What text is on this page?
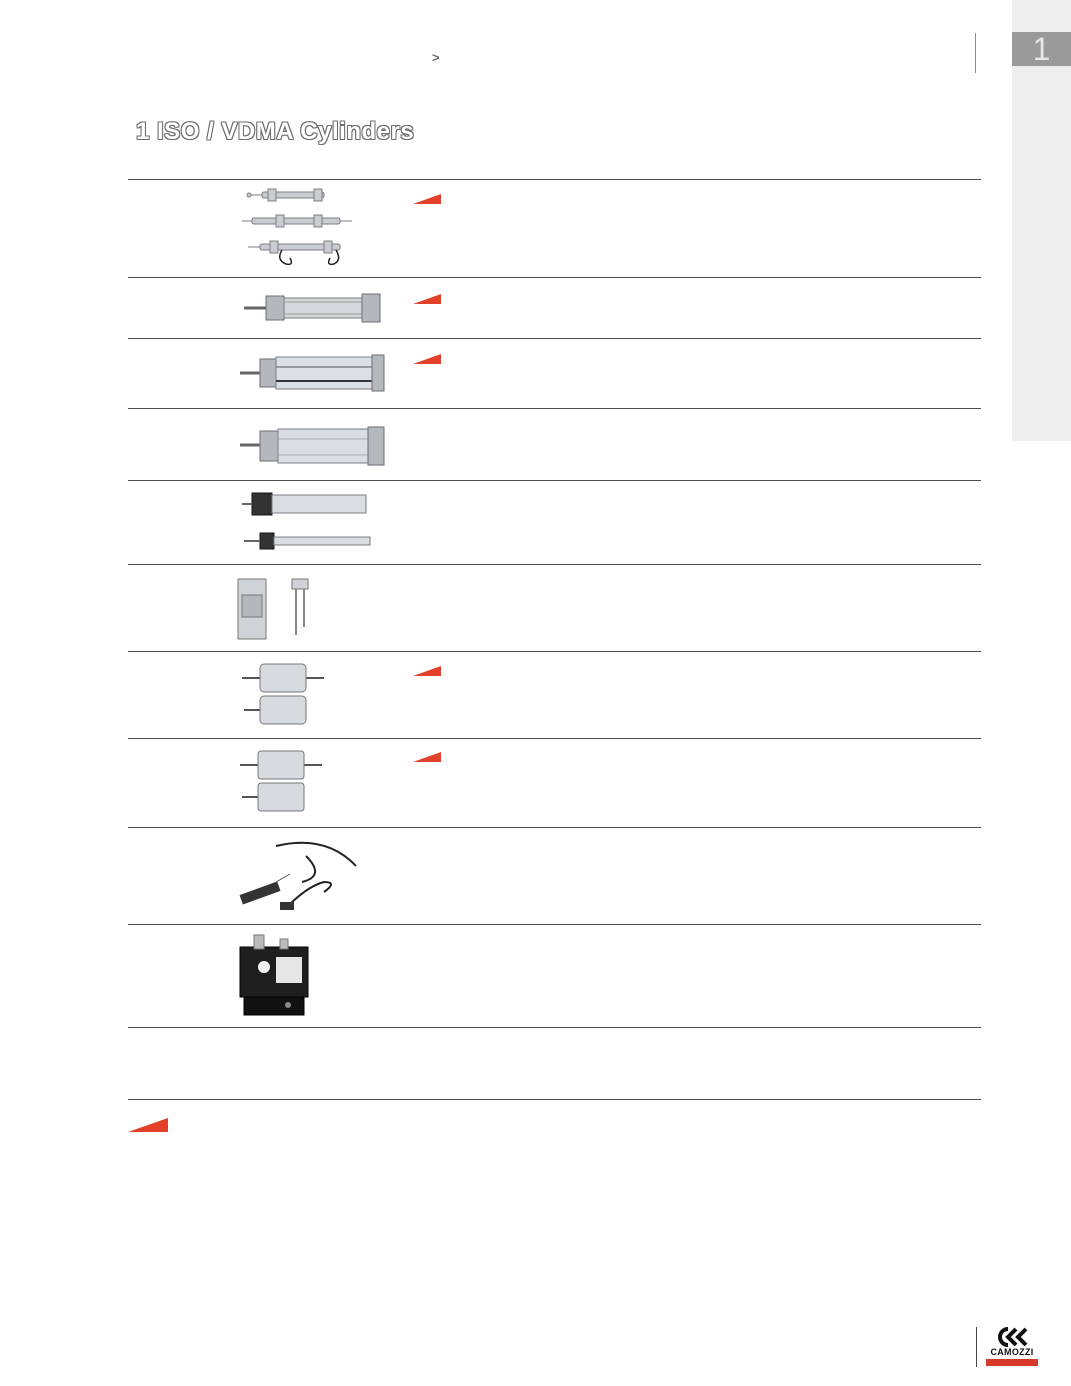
>	1
1 ISO / VDMA Cylinders
CAMOZZI
